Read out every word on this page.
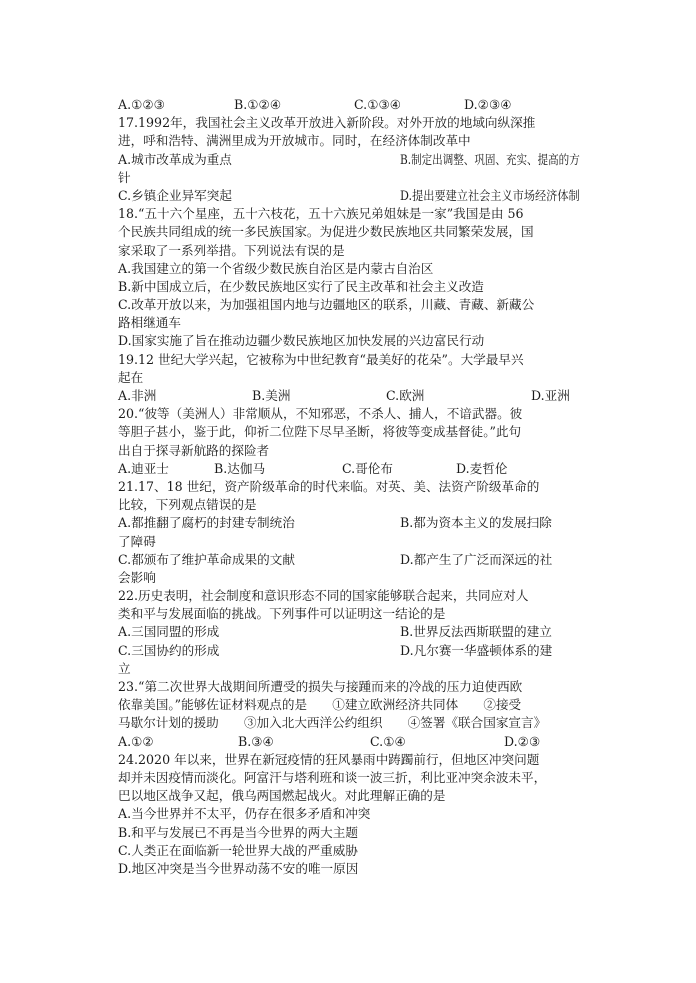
A.①②③	B.①②④	C.①③④	D.②③④
17.1992年，我国社会主义改革开放进入新阶段。对外开放的地域向纵深推
进，呼和浩特、满洲里成为开放城市。同时，在经济体制改革中
A.城市改革成为重点	B.制定出调整、巩固、充实、提高的方
针
C.乡镇企业异军突起	D.提出要建立社会主义市场经济体制
18.“五十六个星座，五十六枝花，五十六族兄弟姐妹是一家”我国是由 56
个民族共同组成的统一多民族国家。为促进少数民族地区共同繁荣发展，国
家采取了一系列举措。下列说法有误的是
A.我国建立的第一个省级少数民族自治区是内蒙古自治区
B.新中国成立后，在少数民族地区实行了民主改革和社会主义改造
C.改革开放以来，为加强祖国内地与边疆地区的联系，川藏、青藏、新藏公
路相继通车
D.国家实施了旨在推动边疆少数民族地区加快发展的兴边富民行动
19.12 世纪大学兴起，它被称为中世纪教育“最美好的花朵”。大学最早兴
起在
A.非洲	B.美洲	C.欧洲	D.亚洲
20.“彼等（美洲人）非常顺从，不知邪恶，不杀人、捕人，不谙武器。彼
等胆子甚小，鉴于此，仰祈二位陛下尽早圣断，将彼等变成基督徒。”此句
出自于探寻新航路的探险者
A.迪亚士	B.达伽马	C.哥伦布	D.麦哲伦
21.17、18 世纪，资产阶级革命的时代来临。对英、美、法资产阶级革命的
比较，下列观点错误的是
A.都推翻了腐朽的封建专制统治	B.都为资本主义的发展扫除
了障碍
C.都颁布了维护革命成果的文献	D.都产生了广泛而深远的社
会影响
22.历史表明，社会制度和意识形态不同的国家能够联合起来，共同应对人
类和平与发展面临的挑战。下列事件可以证明这一结论的是
A.三国同盟的形成	B.世界反法西斯联盟的建立
C.三国协约的形成	D.凡尔赛一华盛顿体系的建
立
23.“第二次世界大战期间所遭受的损失与接踵而来的冷战的压力迫使西欧
依靠美国。”能够佐证材料观点的是　　①建立欧洲经济共同体　　②接受
马歇尔计划的援助　　③加入北大西洋公约组织　　④签署《联合国家宣言》
A.①②	B.③④	C.①④	D.②③
24.2020 年以来，世界在新冠疫情的狂风暴雨中踌躅前行，但地区冲突问题
却并未因疫情而淡化。阿富汗与塔利班和谈一波三折，利比亚冲突余波未平，
巴以地区战争又起，俄乌两国燃起战火。对此理解正确的是
A.当今世界并不太平，仍存在很多矛盾和冲突
B.和平与发展已不再是当今世界的两大主题
C.人类正在面临新一轮世界大战的严重威胁
D.地区冲突是当今世界动荡不安的唯一原因
